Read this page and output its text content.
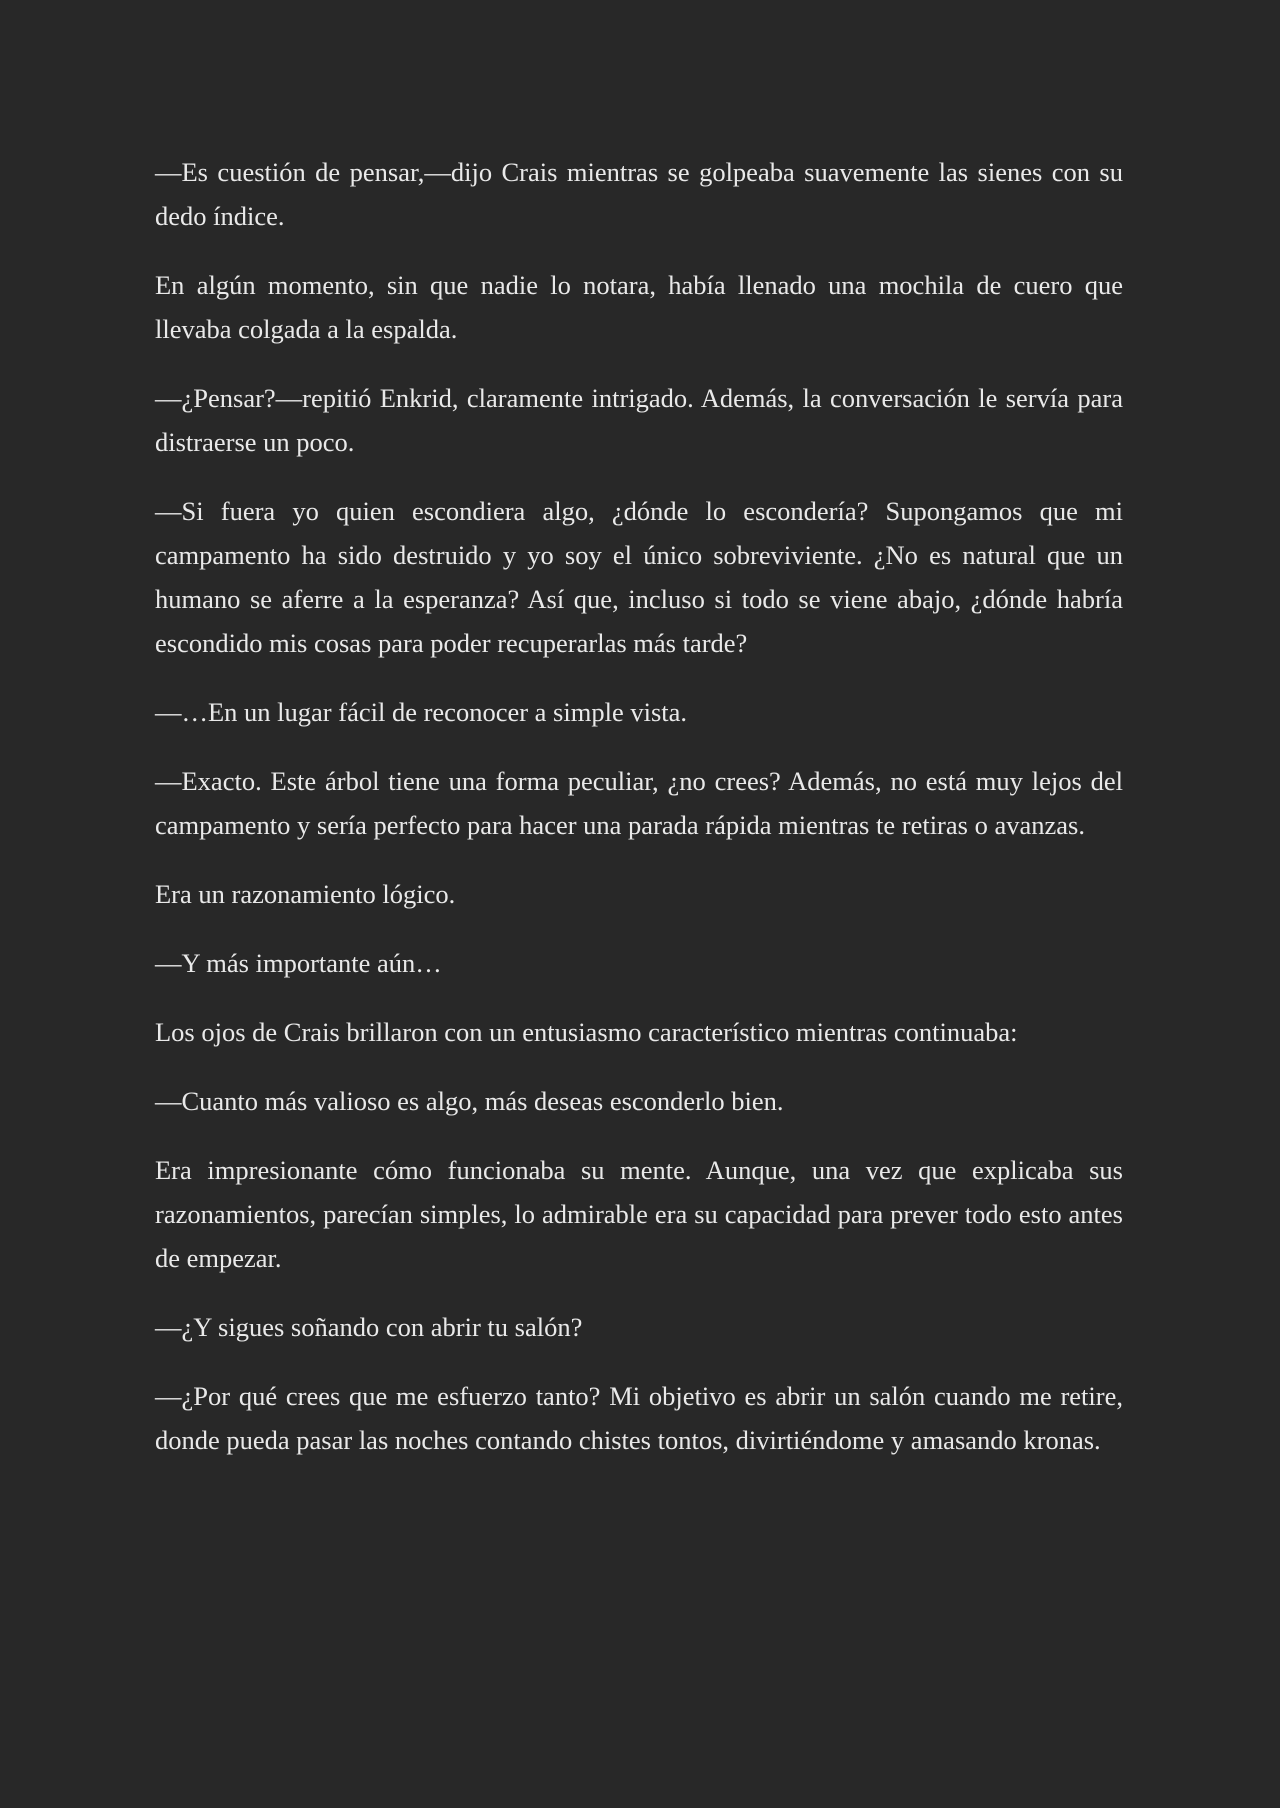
—Es cuestión de pensar,—dijo Crais mientras se golpeaba suavemente las sienes con su dedo índice.

En algún momento, sin que nadie lo notara, había llenado una mochila de cuero que llevaba colgada a la espalda.

—¿Pensar?—repitió Enkrid, claramente intrigado. Además, la conversación le servía para distraerse un poco.

—Si fuera yo quien escondiera algo, ¿dónde lo escondería? Supongamos que mi campamento ha sido destruido y yo soy el único sobreviviente. ¿No es natural que un humano se aferre a la esperanza? Así que, incluso si todo se viene abajo, ¿dónde habría escondido mis cosas para poder recuperarlas más tarde?

—…En un lugar fácil de reconocer a simple vista.

—Exacto. Este árbol tiene una forma peculiar, ¿no crees? Además, no está muy lejos del campamento y sería perfecto para hacer una parada rápida mientras te retiras o avanzas.

Era un razonamiento lógico.

—Y más importante aún…

Los ojos de Crais brillaron con un entusiasmo característico mientras continuaba:

—Cuanto más valioso es algo, más deseas esconderlo bien.

Era impresionante cómo funcionaba su mente. Aunque, una vez que explicaba sus razonamientos, parecían simples, lo admirable era su capacidad para prever todo esto antes de empezar.

—¿Y sigues soñando con abrir tu salón?

—¿Por qué crees que me esfuerzo tanto? Mi objetivo es abrir un salón cuando me retire, donde pueda pasar las noches contando chistes tontos, divirtiéndome y amasando kronas.
